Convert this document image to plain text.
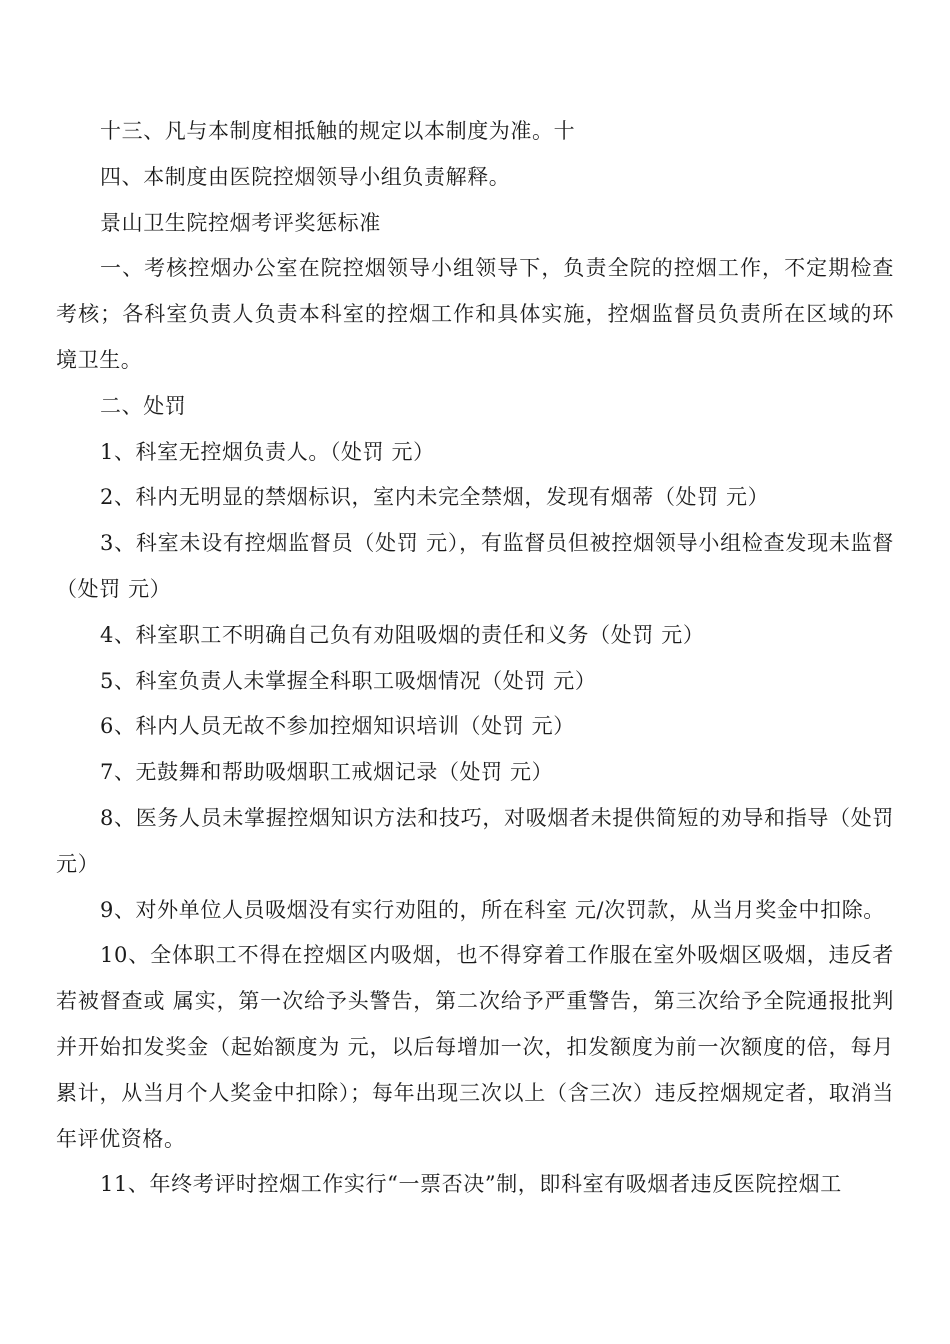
十三、凡与本制度相抵触的规定以本制度为准。十

四、本制度由医院控烟领导小组负责解释。

景山卫生院控烟考评奖惩标准

一、考核控烟办公室在院控烟领导小组领导下，负责全院的控烟工作，不定期检查考核；各科室负责人负责本科室的控烟工作和具体实施，控烟监督员负责所在区域的环境卫生。

二、处罚

1、科室无控烟负责人。（处罚 元）

2、科内无明显的禁烟标识，室内未完全禁烟，发现有烟蒂（处罚 元）

3、科室未设有控烟监督员（处罚 元），有监督员但被控烟领导小组检查发现未监督（处罚 元）

4、科室职工不明确自己负有劝阻吸烟的责任和义务（处罚 元）

5、科室负责人未掌握全科职工吸烟情况（处罚 元）

6、科内人员无故不参加控烟知识培训（处罚 元）

7、无鼓舞和帮助吸烟职工戒烟记录（处罚 元）

8、医务人员未掌握控烟知识方法和技巧，对吸烟者未提供简短的劝导和指导（处罚元）

9、对外单位人员吸烟没有实行劝阻的，所在科室 元/次罚款，从当月奖金中扣除。

10、全体职工不得在控烟区内吸烟，也不得穿着工作服在室外吸烟区吸烟，违反者若被督查或 属实，第一次给予头警告，第二次给予严重警告，第三次给予全院通报批判并开始扣发奖金（起始额度为 元，以后每增加一次，扣发额度为前一次额度的倍，每月累计，从当月个人奖金中扣除）；每年出现三次以上（含三次）违反控烟规定者，取消当年评优资格。

11、年终考评时控烟工作实行“一票否决”制，即科室有吸烟者违反医院控烟工
